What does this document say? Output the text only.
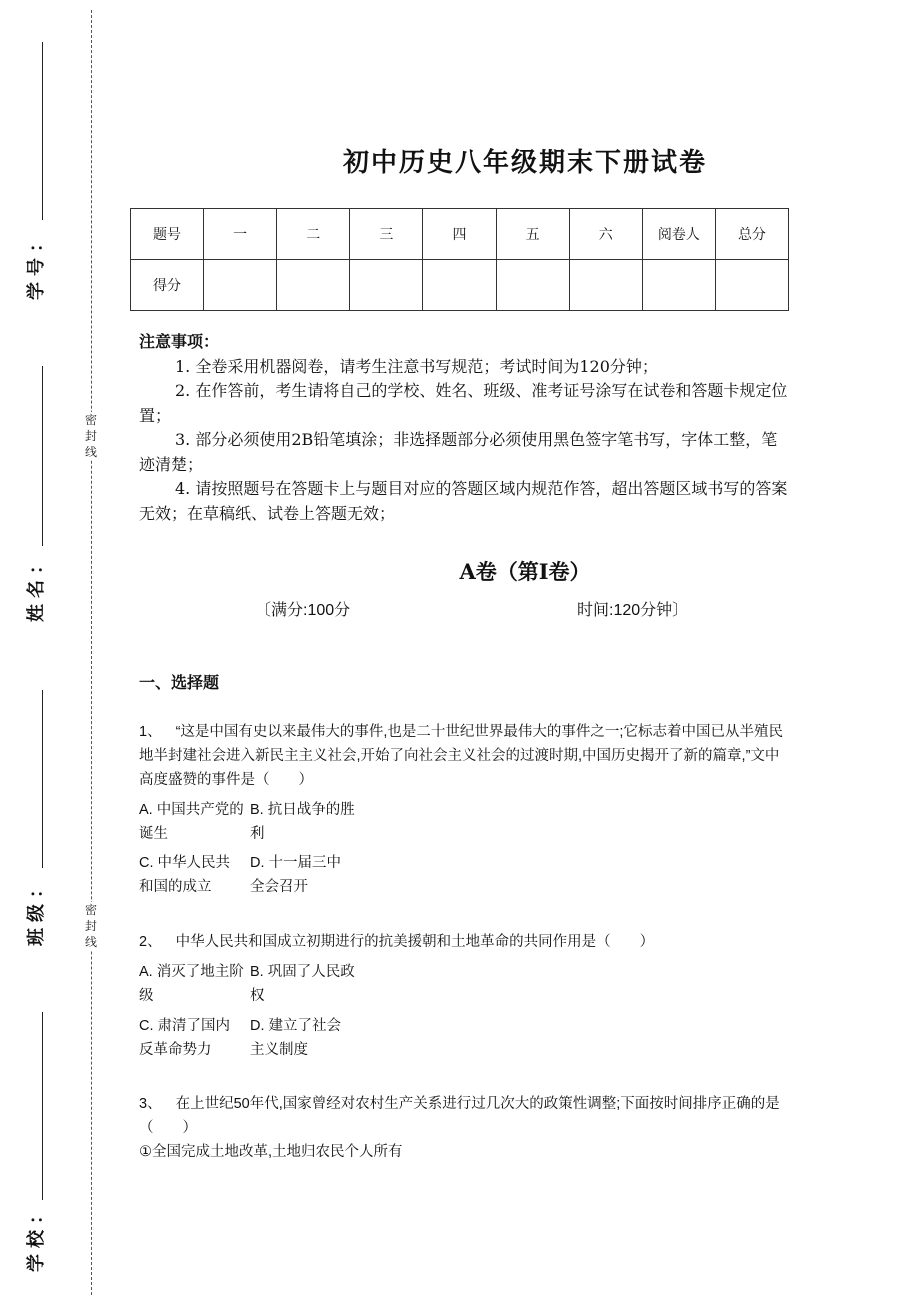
密封线
密封线
学号：
姓名：
班级：
学校：
初中历史八年级期末下册试卷
题号	一	二	三	四	五	六	阅卷人	总分
得分								
注意事项：

1. 全卷采用机器阅卷，请考生注意书写规范；考试时间为120分钟；

2. 在作答前，考生请将自己的学校、姓名、班级、准考证号涂写在试卷和答题卡规定位置；

3. 部分必须使用2B铅笔填涂；非选择题部分必须使用黑色签字笔书写，字体工整，笔迹清楚；

4. 请按照题号在答题卡上与题目对应的答题区域内规范作答，超出答题区域书写的答案无效；在草稿纸、试卷上答题无效；

A卷（第I卷）
〔满分:100分	时间:120分钟〕
一、选择题
1、 “这是中国有史以来最伟大的事件,也是二十世纪世界最伟大的事件之一;它标志着中国已从半殖民地半封建社会进入新民主主义社会,开始了向社会主义社会的过渡时期,中国历史揭开了新的篇章,”文中高度盛赞的事件是（　　）
A. 中国共产党的诞生
B. 抗日战争的胜利
C. 中华人民共和国的成立
D. 十一届三中全会召开
2、 中华人民共和国成立初期进行的抗美援朝和土地革命的共同作用是（　　）
A. 消灭了地主阶级
B. 巩固了人民政权
C. 肃清了国内反革命势力
D. 建立了社会主义制度
3、 在上世纪50年代,国家曾经对农村生产关系进行过几次大的政策性调整;下面按时间排序正确的是（　　）
①全国完成土地改革,土地归农民个人所有
